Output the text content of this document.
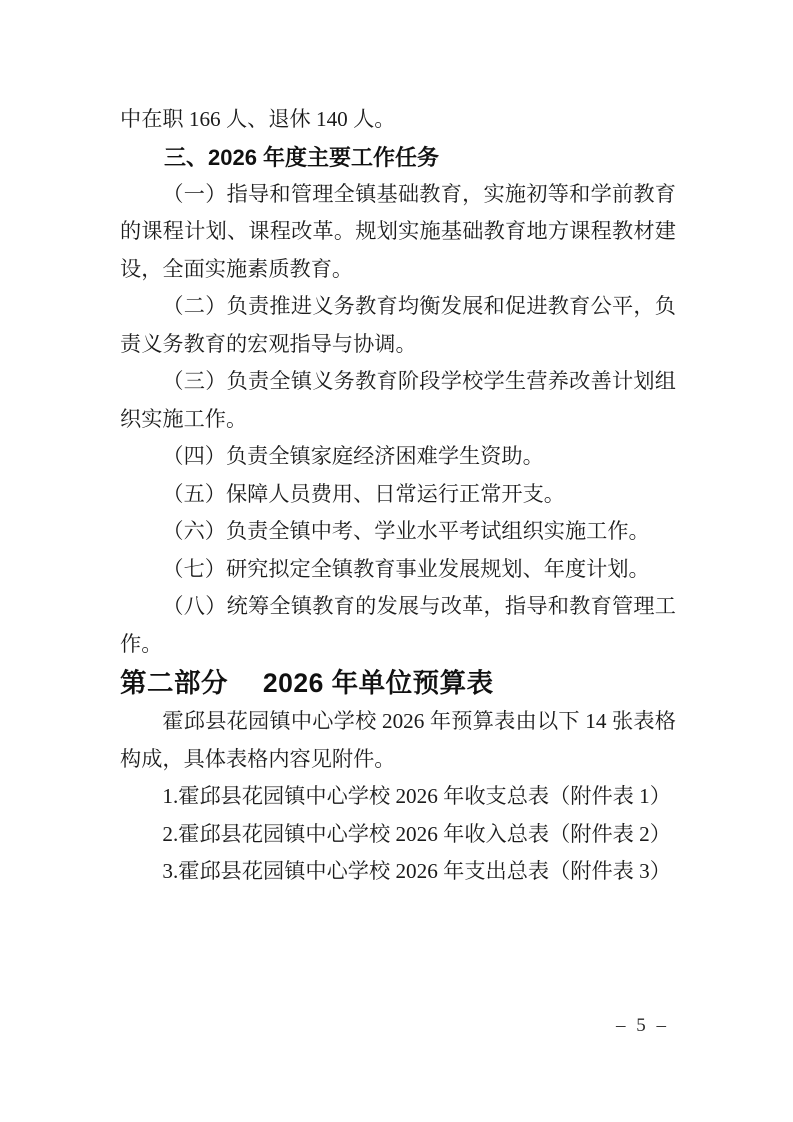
中在职 166 人、退休 140 人。

三、2026 年度主要工作任务

（一）指导和管理全镇基础教育，实施初等和学前教育的课程计划、课程改革。规划实施基础教育地方课程教材建设，全面实施素质教育。

（二）负责推进义务教育均衡发展和促进教育公平，负责义务教育的宏观指导与协调。

（三）负责全镇义务教育阶段学校学生营养改善计划组织实施工作。

（四）负责全镇家庭经济困难学生资助。

（五）保障人员费用、日常运行正常开支。

（六）负责全镇中考、学业水平考试组织实施工作。

（七）研究拟定全镇教育事业发展规划、年度计划。

（八）统筹全镇教育的发展与改革，指导和教育管理工作。

第二部分　 2026 年单位预算表

霍邱县花园镇中心学校 2026 年预算表由以下 14 张表格构成，具体表格内容见附件。

1.霍邱县花园镇中心学校 2026 年收支总表（附件表 1）

2.霍邱县花园镇中心学校 2026 年收入总表（附件表 2）

3.霍邱县花园镇中心学校 2026 年支出总表（附件表 3）

– 5 –
